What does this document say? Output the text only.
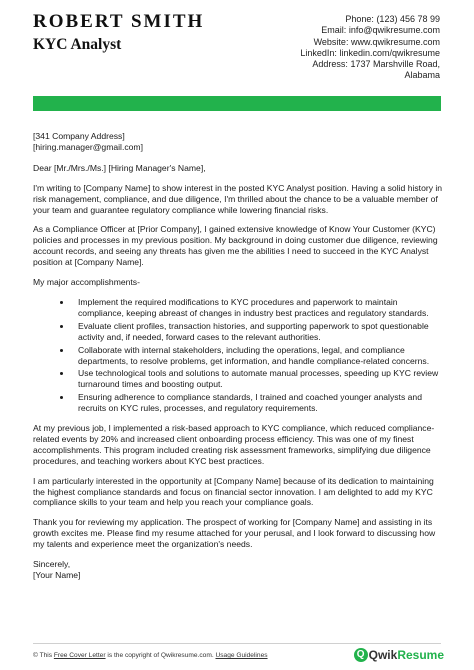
ROBERT SMITH
KYC Analyst
Phone: (123) 456 78 99
Email: info@qwikresume.com
Website: www.qwikresume.com
LinkedIn: linkedin.com/qwikresume
Address: 1737 Marshville Road,
Alabama

[341 Company Address]
[hiring.manager@gmail.com]

Dear [Mr./Mrs./Ms.] [Hiring Manager's Name],

I'm writing to [Company Name] to show interest in the posted KYC Analyst position. Having a solid history in risk management, compliance, and due diligence, I'm thrilled about the chance to be a valuable member of your team and guarantee regulatory compliance while lowering financial risks.

As a Compliance Officer at [Prior Company], I gained extensive knowledge of Know Your Customer (KYC) policies and processes in my previous position. My background in doing customer due diligence, reviewing account records, and seeing any threats has given me the abilities I need to succeed in the KYC Analyst position at [Company Name].

My major accomplishments-

• Implement the required modifications to KYC procedures and paperwork to maintain compliance, keeping abreast of changes in industry best practices and regulatory standards.
• Evaluate client profiles, transaction histories, and supporting paperwork to spot questionable activity and, if needed, forward cases to the relevant authorities.
• Collaborate with internal stakeholders, including the operations, legal, and compliance departments, to resolve problems, get information, and handle compliance-related concerns.
• Use technological tools and solutions to automate manual processes, speeding up KYC review turnaround times and boosting output.
• Ensuring adherence to compliance standards, I trained and coached younger analysts and recruits on KYC rules, processes, and regulatory requirements.

At my previous job, I implemented a risk-based approach to KYC compliance, which reduced compliance-related events by 20% and increased client onboarding process efficiency. This was one of my finest accomplishments. This program included creating risk assessment frameworks, simplifying due diligence procedures, and teaching workers about KYC best practices.

I am particularly interested in the opportunity at [Company Name] because of its dedication to maintaining the highest compliance standards and focus on financial sector innovation. I am delighted to add my KYC compliance skills to your team and help you reach your compliance goals.

Thank you for reviewing my application. The prospect of working for [Company Name] and assisting in its growth excites me. Please find my resume attached for your perusal, and I look forward to discussing how my talents and experience meet the organization's needs.

Sincerely,
[Your Name]

© This Free Cover Letter is the copyright of Qwikresume.com. Usage Guidelines	Q QwikResume
